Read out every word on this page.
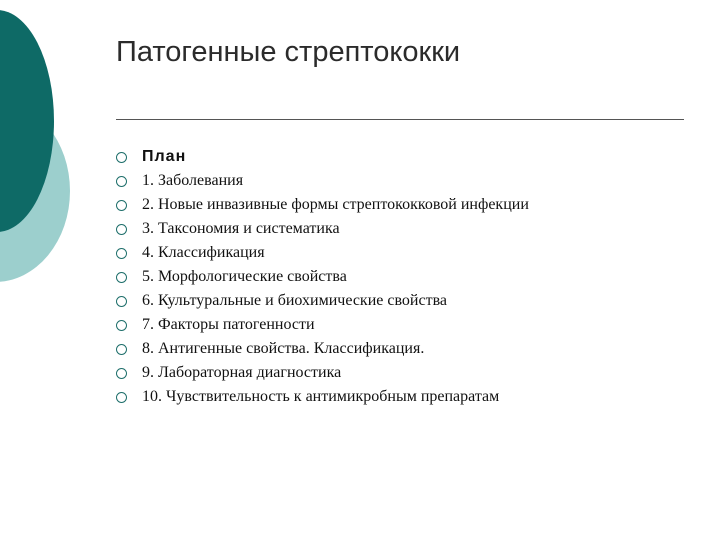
Патогенные стрептококки
План
1. Заболевания
2. Новые инвазивные формы стрептококковой инфекции
3. Таксономия и систематика
4. Классификация
5. Морфологические свойства
6. Культуральные и биохимические свойства
7. Факторы патогенности
8. Антигенные свойства. Классификация.
9. Лабораторная диагностика
10. Чувствительность к антимикробным препаратам
